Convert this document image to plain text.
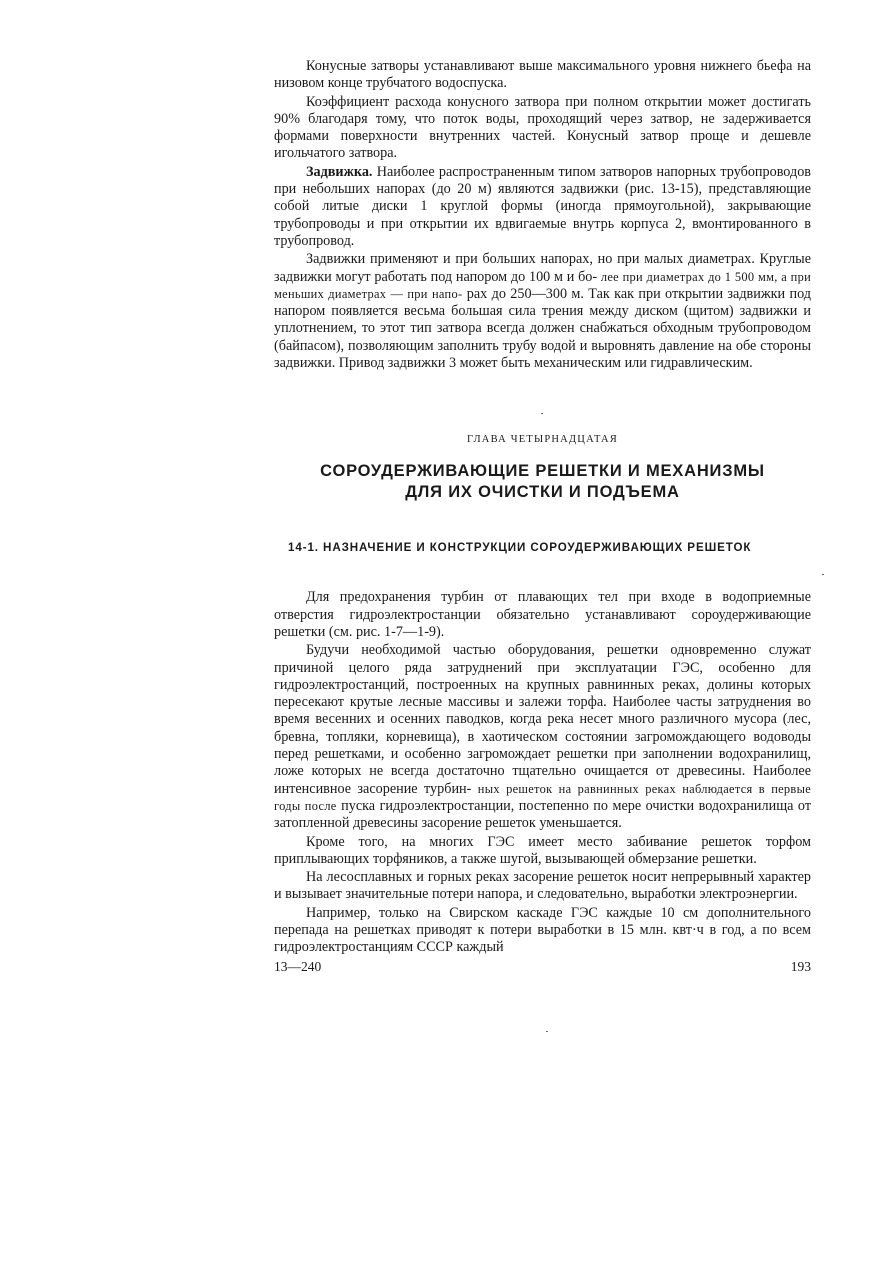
Конусные затворы устанавливают выше максимального уровня нижнего бьефа на низовом конце трубчатого водоспуска.

Коэффициент расхода конусного затвора при полном открытии может достигать 90% благодаря тому, что поток воды, проходящий через затвор, не задерживается формами поверхности внутренних частей. Конусный затвор проще и дешевле игольчатого затвора.

Задвижка. Наиболее распространенным типом затворов напорных трубопроводов при небольших напорах (до 20 м) являются задвижки (рис. 13-15), представляющие собой литые диски 1 круглой формы (иногда прямоугольной), закрывающие трубопроводы и при открытии их вдвигаемые внутрь корпуса 2, вмонтированного в трубопровод.

Задвижки применяют и при больших напорах, но при малых диаметрах. Круглые задвижки могут работать под напором до 100 м и бо- лее при диаметрах до 1 500 мм, а при меньших диаметрах — при напо- рах до 250—300 м. Так как при открытии задвижки под напором появляется весьма большая сила трения между диском (щитом) задвижки и уплотнением, то этот тип затвора всегда должен снабжаться обходным трубопроводом (байпасом), позволяющим заполнить трубу водой и выровнять давление на обе стороны задвижки. Привод задвижки 3 может быть механическим или гидравлическим.

ГЛАВА ЧЕТЫРНАДЦАТАЯ
СОРОУДЕРЖИВАЮЩИЕ РЕШЕТКИ И МЕХАНИЗМЫ
ДЛЯ ИХ ОЧИСТКИ И ПОДЪЕМА
14-1. НАЗНАЧЕНИЕ И КОНСТРУКЦИИ СОРОУДЕРЖИВАЮЩИХ РЕШЕТОК

Для предохранения турбин от плавающих тел при входе в водоприемные отверстия гидроэлектростанции обязательно устанавливают сороудерживающие решетки (см. рис. 1-7—1-9).

Будучи необходимой частью оборудования, решетки одновременно служат причиной целого ряда затруднений при эксплуатации ГЭС, особенно для гидроэлектростанций, построенных на крупных равнинных реках, долины которых пересекают крутые лесные массивы и залежи торфа. Наиболее часты затруднения во время весенних и осенних паводков, когда река несет много различного мусора (лес, бревна, топляки, корневища), в хаотическом состоянии загромождающего водоводы перед решетками, и особенно загромождает решетки при заполнении водохранилищ, ложе которых не всегда достаточно тщательно очищается от древесины. Наиболее интенсивное засорение турбин- ных решеток на равнинных реках наблюдается в первые годы после пуска гидроэлектростанции, постепенно по мере очистки водохранилища от затопленной древесины засорение решеток уменьшается.

Кроме того, на многих ГЭС имеет место забивание решеток торфом приплывающих торфяников, а также шугой, вызывающей обмерзание решетки.

На лесосплавных и горных реках засорение решеток носит непрерывный характер и вызывает значительные потери напора, и следовательно, выработки электроэнергии.

Например, только на Свирском каскаде ГЭС каждые 10 см дополнительного перепада на решетках приводят к потери выработки в 15 млн. квт·ч в год, а по всем гидроэлектростанциям СССР каждый

13—240	193
